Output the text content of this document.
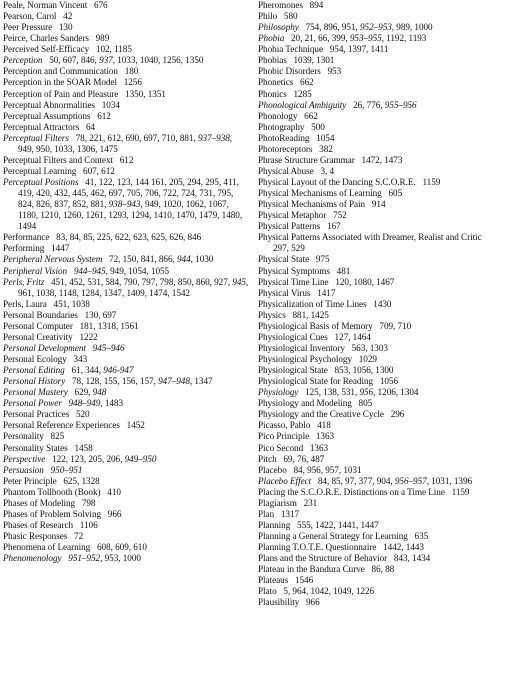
Peale, Norman Vincent 676
Pearson, Carol 42
Peer Pressure 130
Peirce, Charles Sanders 989
Perceived Self-Efficacy 102, 1185
Perception 50, 607, 846, 937, 1033, 1040, 1256, 1350
Perception and Communication 180
Perception in the SOAR Model 1256
Perception of Pain and Pleasure 1350, 1351
Perceptual Abnormalities 1034
Perceptual Assumptions 612
Perceptual Attractors 64
Perceptual Filters 78, 221, 612, 690, 697, 710, 881, 937–938, 949, 950, 1033, 1306, 1475
Perceptual Filters and Context 612
Perceptual Learning 607, 612
Perceptual Positions 41, 122, 123, 144 161, 205, 294, 295, 411, 419, 420, 432, 445, 462, 697, 705, 706, 722, 724, 731, 795, 824, 826, 837, 852, 881, 938–943, 949, 1020, 1062, 1067, 1180, 1210, 1260, 1261, 1293, 1294, 1410, 1470, 1479, 1480, 1494
Performance 83, 84, 85, 225, 622, 623, 625, 626, 846
Performing 1447
Peripheral Nervous System 72, 150, 841, 866, 944, 1030
Peripheral Vision 944–945, 949, 1054, 1055
Perls, Fritz 451, 452, 531, 584, 790, 797, 798, 850, 860, 927, 945, 961, 1038, 1148, 1284, 1347, 1409, 1474, 1542
Perls, Laura 451, 1038
Personal Boundaries 130, 697
Personal Computer 181, 1318, 1561
Personal Creativity 1222
Personal Development 945–946
Personal Ecology 343
Personal Editing 61, 344, 946-947
Personal History 78, 128, 155, 156, 157, 947–948, 1347
Personal Mastery 629, 948
Personal Power 948–949, 1483
Personal Practices 520
Personal Reference Experiences 1452
Personality 825
Personality States 1458
Perspective 122, 123, 205, 206, 949–950
Persuasion 950–951
Peter Principle 625, 1328
Phantom Tollbooth (Book) 410
Phases of Modeling 798
Phases of Problem Solving 966
Phases of Research 1106
Phasic Responses 72
Phenomena of Learning 608, 609, 610
Phenomenology 951–952, 953, 1000
Pheromones 894
Philo 580
Philosophy 754, 896, 951, 952–953, 989, 1000
Phobia 20, 21, 66, 399, 953–955, 1192, 1193
Phobia Technique 954, 1397, 1411
Phobias 1039, 1301
Phobic Disorders 953
Phonetics 662
Phonics 1285
Phonological Ambiguity 26, 776, 955–956
Phonology 662
Photography 500
PhotoReading 1054
Photoreceptors 382
Phrase Structure Grammar 1472, 1473
Physical Abuse 3, 4
Physical Layout of the Dancing S.C.O.R.E. 1159
Physical Mechanisms of Learning 605
Physical Mechanisms of Pain 914
Physical Metaphor 752
Physical Patterns 167
Physical Patterns Associated with Dreamer, Realist and Critic   297, 529
Physical State 975
Physical Symptoms 481
Physical Time Line 120, 1080, 1467
Physical Virus 1417
Physicalization of Time Lines 1430
Physics 881, 1425
Physiological Basis of Memory 709, 710
Physiological Cues 127, 1464
Physiological Inventory 563, 1303
Physiological Psychology 1029
Physiological State 853, 1056, 1300
Physiological State for Reading 1056
Physiology 125, 138, 531, 956, 1206, 1304
Physiology and Modeling 805
Physiology and the Creative Cycle 296
Picasso, Pablo 418
Pico Principle 1363
Pico Second 1363
Pitch 69, 76, 487
Placebo 84, 956, 957, 1031
Placebo Effect 84, 85, 97, 377, 904, 956–957, 1031, 1396
Placing the S.C.O.R.E. Distinctions on a Time Line 1159
Plagiarism 231
Plan 1317
Planning 555, 1422, 1441, 1447
Planning a General Strategy for Learning 635
Planning T.O.T.E. Questionnaire 1442, 1443
Plans and the Structure of Behavior 843, 1434
Plateau in the Bandura Curve 86, 88
Plateaus 1546
Plato 5, 964, 1042, 1049, 1226
Plausibility 966
